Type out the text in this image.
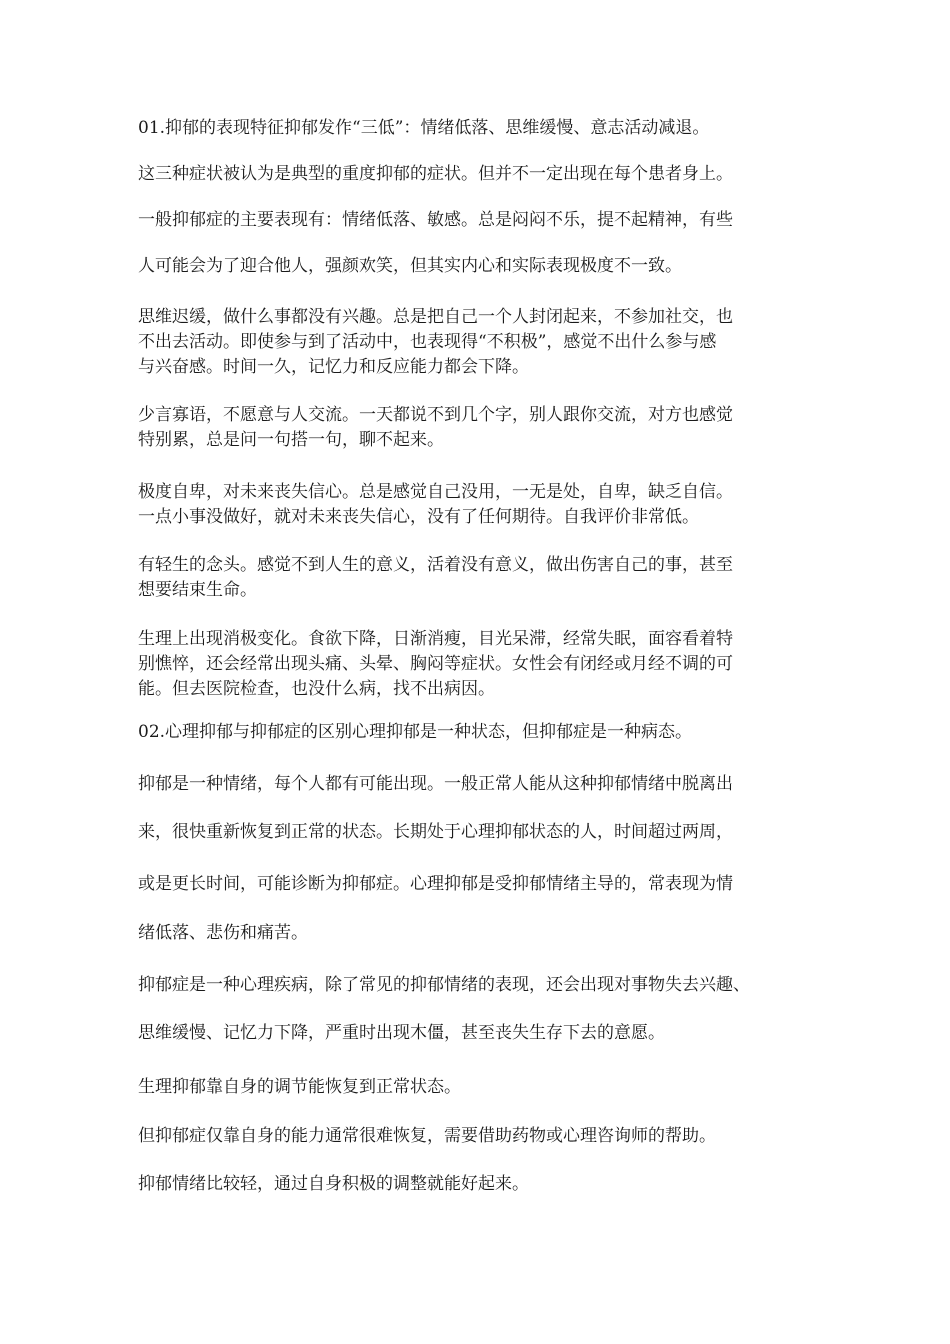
01.抑郁的表现特征抑郁发作“三低”：情绪低落、思维缓慢、意志活动减退。
这三种症状被认为是典型的重度抑郁的症状。但并不一定出现在每个患者身上。
一般抑郁症的主要表现有：情绪低落、敏感。总是闷闷不乐，提不起精神，有些
人可能会为了迎合他人，强颜欢笑，但其实内心和实际表现极度不一致。
思维迟缓，做什么事都没有兴趣。总是把自己一个人封闭起来，不参加社交，也
不出去活动。即使参与到了活动中，也表现得“不积极”，感觉不出什么参与感
与兴奋感。时间一久，记忆力和反应能力都会下降。
少言寡语，不愿意与人交流。一天都说不到几个字，别人跟你交流，对方也感觉
特别累，总是问一句搭一句，聊不起来。
极度自卑，对未来丧失信心。总是感觉自己没用，一无是处，自卑，缺乏自信。
一点小事没做好，就对未来丧失信心，没有了任何期待。自我评价非常低。
有轻生的念头。感觉不到人生的意义，活着没有意义，做出伤害自己的事，甚至
想要结束生命。
生理上出现消极变化。食欲下降，日渐消瘦，目光呆滞，经常失眠，面容看着特
别憔悴，还会经常出现头痛、头晕、胸闷等症状。女性会有闭经或月经不调的可
能。但去医院检查，也没什么病，找不出病因。
02.心理抑郁与抑郁症的区别心理抑郁是一种状态，但抑郁症是一种病态。
抑郁是一种情绪，每个人都有可能出现。一般正常人能从这种抑郁情绪中脱离出
来，很快重新恢复到正常的状态。长期处于心理抑郁状态的人，时间超过两周，
或是更长时间，可能诊断为抑郁症。心理抑郁是受抑郁情绪主导的，常表现为情
绪低落、悲伤和痛苦。
抑郁症是一种心理疾病，除了常见的抑郁情绪的表现，还会出现对事物失去兴趣、
思维缓慢、记忆力下降，严重时出现木僵，甚至丧失生存下去的意愿。
生理抑郁靠自身的调节能恢复到正常状态。
但抑郁症仅靠自身的能力通常很难恢复，需要借助药物或心理咨询师的帮助。
抑郁情绪比较轻，通过自身积极的调整就能好起来。
